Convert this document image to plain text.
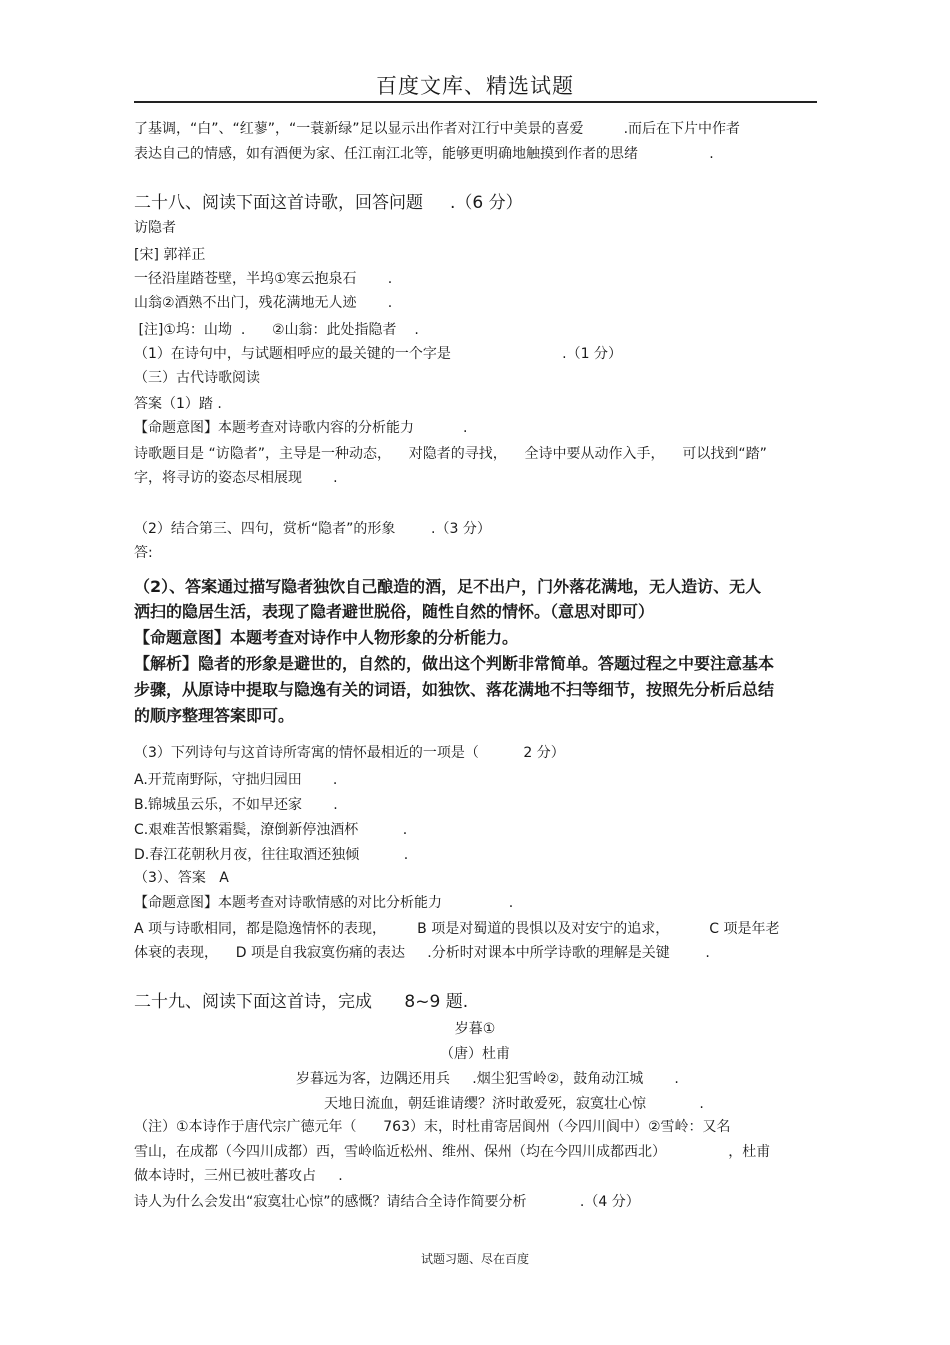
百度文库、精选试题
了基调，“白”、“红蓼”，“一蓑新绿”足以显示出作者对江行中美景的喜爱         .而后在下片中作者
表达自己的情感，如有酒便为家、任江南江北等，能够更明确地触摸到作者的思绪                .
二十八、阅读下面这首诗歌，回答问题     .（6 分）
访隐者
[宋] 郭祥正
一径沿崖踏苍壁，半坞①寒云抱泉石       .
山翁②酒熟不出门，残花满地无人迹       .
[注]①坞：山坳  .      ②山翁：此处指隐者    .
（1）在诗句中，与试题相呼应的最关键的一个字是                         .（1 分）
（三）古代诗歌阅读
答案（1）踏 .
【命题意图】本题考查对诗歌内容的分析能力           .
诗歌题目是 “访隐者”，主导是一种动态，    对隐者的寻找，    全诗中要从动作入手，    可以找到“踏”
字，将寻访的姿态尽相展现       .
（2）结合第三、四句，赏析“隐者”的形象        .（3 分）
答:
（2）、答案通过描写隐者独饮自己酿造的酒，足不出户，门外落花满地，无人造访、无人
洒扫的隐居生活，表现了隐者避世脱俗，随性自然的情怀。（意思对即可）
【命题意图】本题考查对诗作中人物形象的分析能力。
【解析】隐者的形象是避世的，自然的，做出这个判断非常简单。答题过程之中要注意基本
步骤，从原诗中提取与隐逸有关的词语，如独饮、落花满地不扫等细节，按照先分析后总结
的顺序整理答案即可。
（3）下列诗句与这首诗所寄寓的情怀最相近的一项是（          2 分）
A.开荒南野际，守拙归园田       .
B.锦城虽云乐，不如早还家       .
C.艰难苦恨繁霜鬓，潦倒新停浊酒杯          .
D.春江花朝秋月夜，往往取酒还独倾          .
（3）、答案   A
【命题意图】本题考查对诗歌情感的对比分析能力               .
A 项与诗歌相同，都是隐逸情怀的表现，       B 项是对蜀道的畏惧以及对安宁的追求，         C 项是年老
体衰的表现，    D 项是自我寂寞伤痛的表达     .分析时对课本中所学诗歌的理解是关键        .
二十九、阅读下面这首诗，完成      8~9 题.
岁暮①
（唐）杜甫
岁暮远为客，边隅还用兵     .烟尘犯雪岭②，鼓角动江城       .
天地日流血，朝廷谁请缨？济时敢爱死，寂寞壮心惊            .
（注）①本诗作于唐代宗广德元年（      763）末，时杜甫寄居阆州（今四川阆中）②雪岭：又名
雪山，在成都（今四川成都）西，雪岭临近松州、维州、保州（均在今四川成都西北）              ，杜甫
做本诗时，三州已被吐蕃攻占     .
诗人为什么会发出“寂寞壮心惊”的感慨？请结合全诗作简要分析            .（4 分）
试题习题、尽在百度
